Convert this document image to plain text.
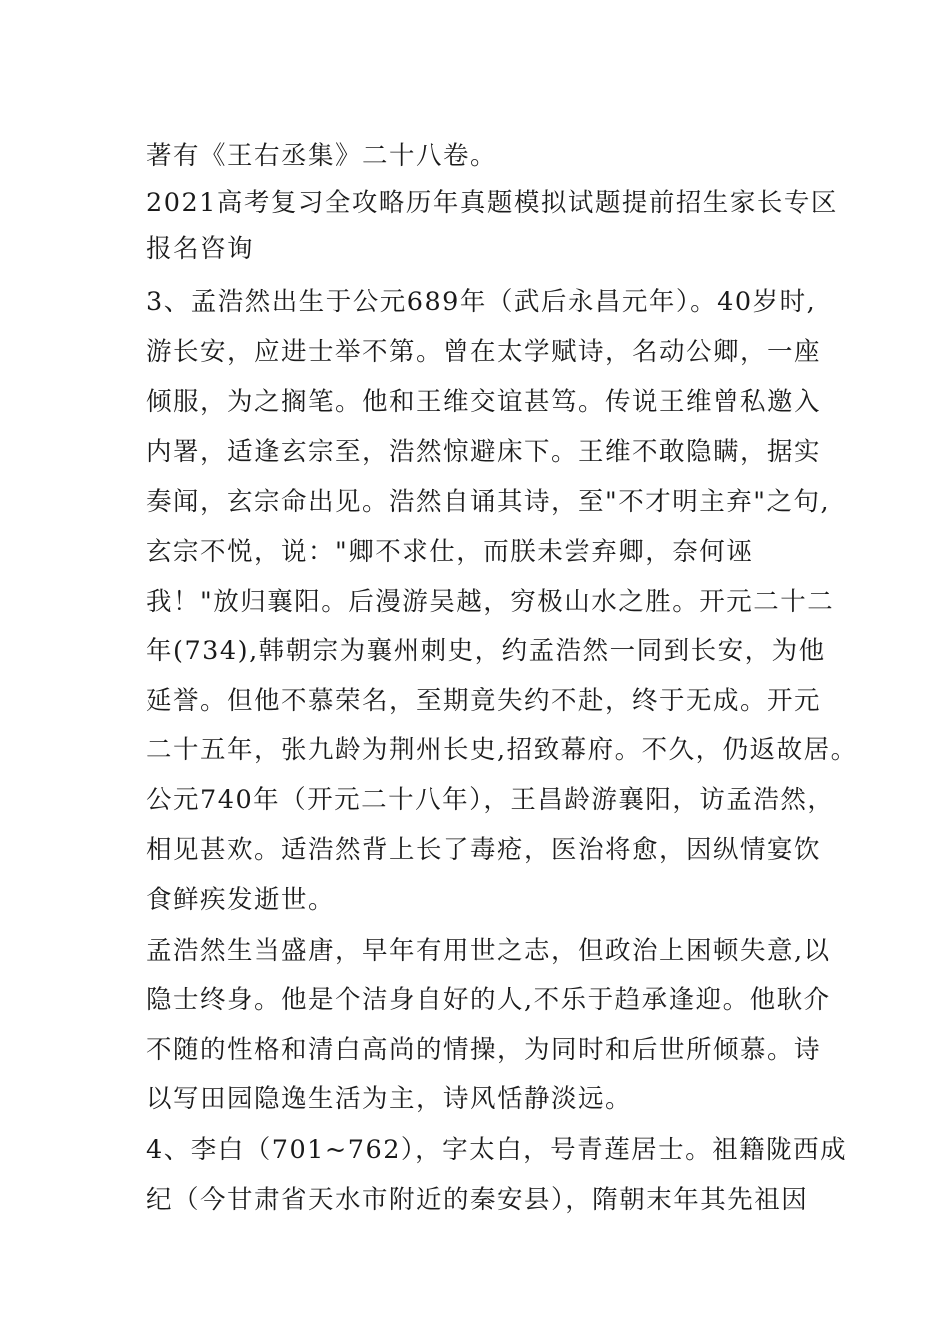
著有《王右丞集》二十八卷。

2021高考复习全攻略历年真题模拟试题提前招生家长专区

报名咨询

3、孟浩然出生于公元689年（武后永昌元年）。40岁时,

游长安，应进士举不第。曾在太学赋诗，名动公卿，一座

倾服，为之搁笔。他和王维交谊甚笃。传说王维曾私邀入

内署，适逢玄宗至，浩然惊避床下。王维不敢隐瞒，据实

奏闻，玄宗命出见。浩然自诵其诗，至"不才明主弃"之句,

玄宗不悦，说："卿不求仕，而朕未尝弃卿，奈何诬

我！"放归襄阳。后漫游吴越，穷极山水之胜。开元二十二

年(734),韩朝宗为襄州刺史，约孟浩然一同到长安，为他

延誉。但他不慕荣名，至期竟失约不赴，终于无成。开元

二十五年，张九龄为荆州长史,招致幕府。不久，仍返故居。

公元740年（开元二十八年），王昌龄游襄阳，访孟浩然，

相见甚欢。适浩然背上长了毒疮，医治将愈，因纵情宴饮

食鲜疾发逝世。

孟浩然生当盛唐，早年有用世之志，但政治上困顿失意,以

隐士终身。他是个洁身自好的人,不乐于趋承逢迎。他耿介

不随的性格和清白高尚的情操，为同时和后世所倾慕。诗

以写田园隐逸生活为主，诗风恬静淡远。

4、李白（701~762），字太白，号青莲居士。祖籍陇西成

纪（今甘肃省天水市附近的秦安县），隋朝末年其先祖因
